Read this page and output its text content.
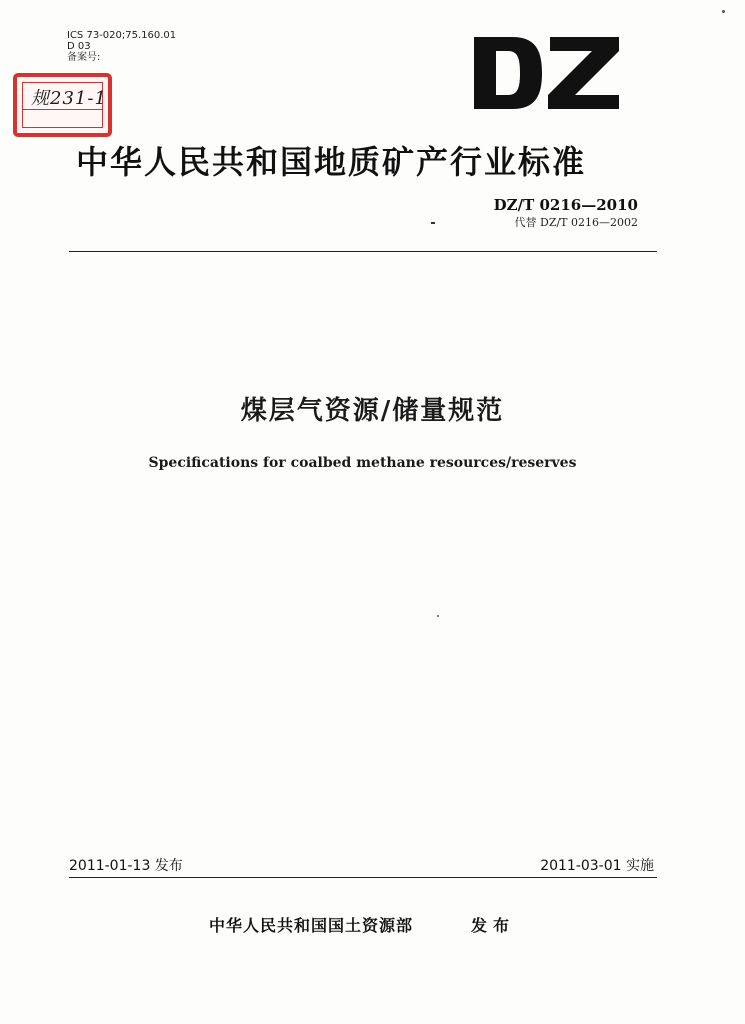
ICS 73-020;75.160.01
D 03
备案号:
规231-1
中华人民共和国地质矿产行业标准
DZ/T 0216—2010
代替 DZ/T 0216—2002
煤层气资源/储量规范
Specifications for coalbed methane resources/reserves
2011-01-13 发布	2011-03-01 实施
中华人民共和国国土资源部	发布
